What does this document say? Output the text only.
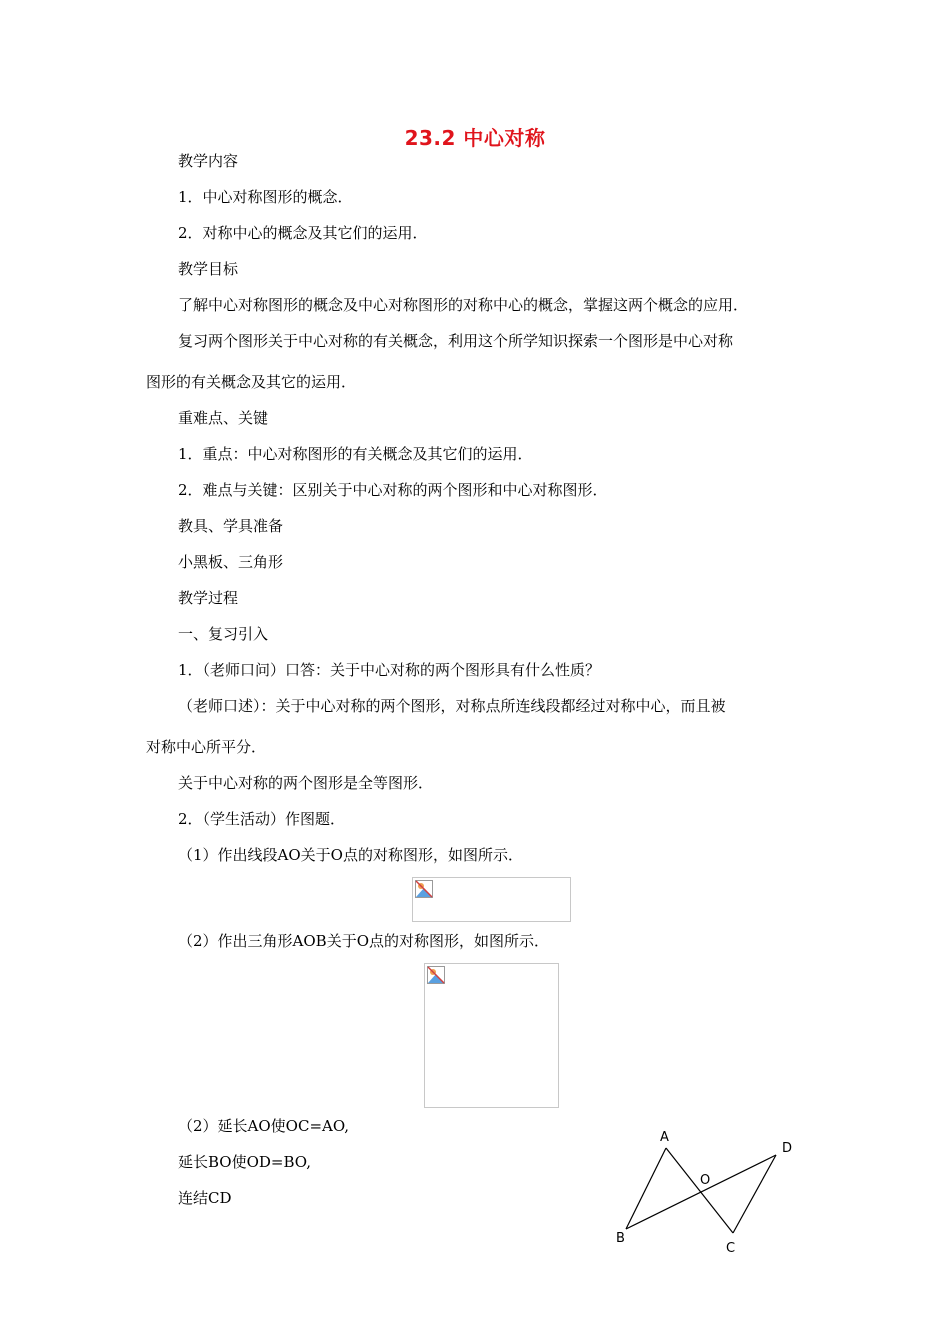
23.2 中心对称
教学内容
1．中心对称图形的概念．
2．对称中心的概念及其它们的运用．
教学目标
了解中心对称图形的概念及中心对称图形的对称中心的概念，掌握这两个概念的应用．
复习两个图形关于中心对称的有关概念，利用这个所学知识探索一个图形是中心对称
图形的有关概念及其它的运用．
重难点、关键
1．重点：中心对称图形的有关概念及其它们的运用．
2．难点与关键：区别关于中心对称的两个图形和中心对称图形．
教具、学具准备
小黑板、三角形
教学过程
一、复习引入
1．（老师口问）口答：关于中心对称的两个图形具有什么性质？
（老师口述）：关于中心对称的两个图形，对称点所连线段都经过对称中心，而且被
对称中心所平分．
关于中心对称的两个图形是全等图形．
2．（学生活动）作图题．
（1）作出线段AO关于O点的对称图形，如图所示．
（2）作出三角形AOB关于O点的对称图形，如图所示．
（2）延长AO使OC=AO,
延长BO使OD=BO,
连结CD
A
B
C
D
O
